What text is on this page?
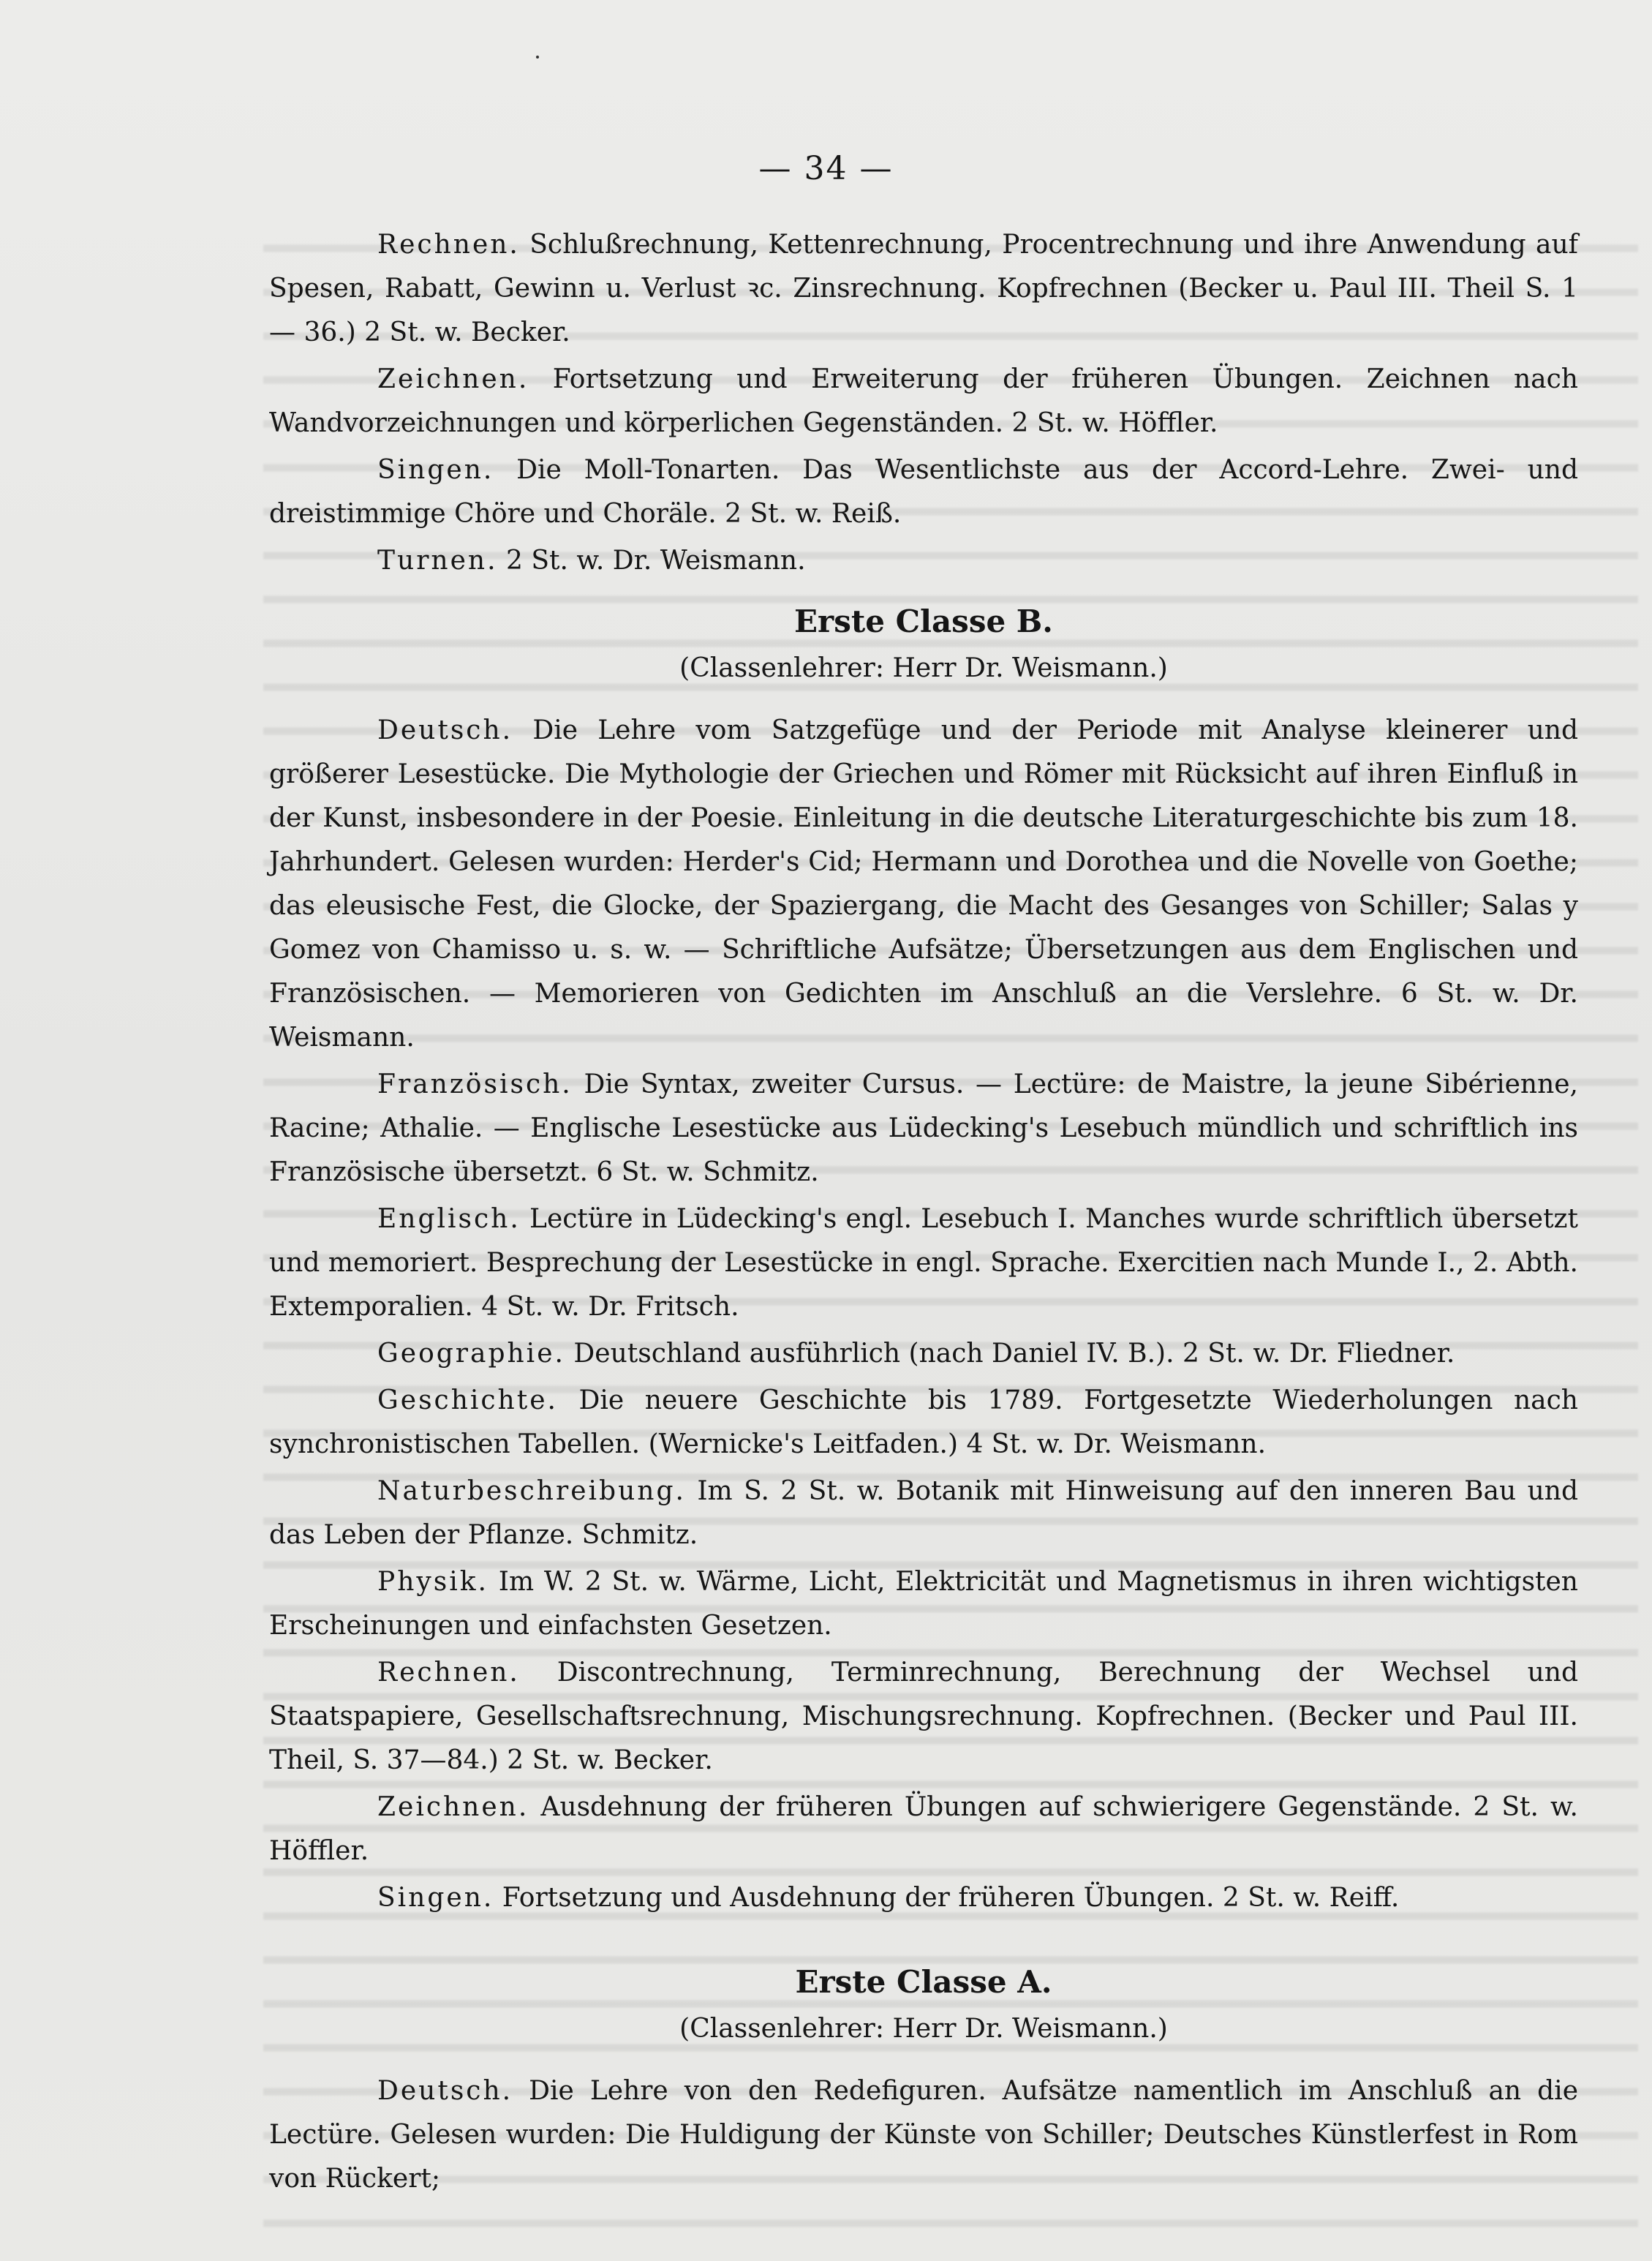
— 34 —

Rechnen. Schlußrechnung, Kettenrechnung, Procentrechnung und ihre Anwendung auf Spesen, Rabatt, Gewinn u. Verlust ꝛc. Zinsrechnung. Kopfrechnen (Becker u. Paul III. Theil S. 1 — 36.) 2 St. w. Becker.

Zeichnen. Fortsetzung und Erweiterung der früheren Übungen. Zeichnen nach Wandvorzeichnungen und körperlichen Gegenständen. 2 St. w. Höffler.

Singen. Die Moll-Tonarten. Das Wesentlichste aus der Accord-Lehre. Zwei- und dreistimmige Chöre und Choräle. 2 St. w. Reiß.

Turnen. 2 St. w. Dr. Weismann.

Erste Classe B.
(Classenlehrer: Herr Dr. Weismann.)

Deutsch. Die Lehre vom Satzgefüge und der Periode mit Analyse kleinerer und größerer Lesestücke. Die Mythologie der Griechen und Römer mit Rücksicht auf ihren Einfluß in der Kunst, insbesondere in der Poesie. Einleitung in die deutsche Literaturgeschichte bis zum 18. Jahrhundert. Gelesen wurden: Herder's Cid; Hermann und Dorothea und die Novelle von Goethe; das eleusische Fest, die Glocke, der Spaziergang, die Macht des Gesanges von Schiller; Salas y Gomez von Chamisso u. s. w. — Schriftliche Aufsätze; Übersetzungen aus dem Englischen und Französischen. — Memorieren von Gedichten im Anschluß an die Verslehre. 6 St. w. Dr. Weismann.

Französisch. Die Syntax, zweiter Cursus. — Lectüre: de Maistre, la jeune Sibérienne, Racine; Athalie. — Englische Lesestücke aus Lüdecking's Lesebuch mündlich und schriftlich ins Französische übersetzt. 6 St. w. Schmitz.

Englisch. Lectüre in Lüdecking's engl. Lesebuch I. Manches wurde schriftlich übersetzt und memoriert. Besprechung der Lesestücke in engl. Sprache. Exercitien nach Munde I., 2. Abth. Extemporalien. 4 St. w. Dr. Fritsch.

Geographie. Deutschland ausführlich (nach Daniel IV. B.). 2 St. w. Dr. Fliedner.

Geschichte. Die neuere Geschichte bis 1789. Fortgesetzte Wiederholungen nach synchronistischen Tabellen. (Wernicke's Leitfaden.) 4 St. w. Dr. Weismann.

Naturbeschreibung. Im S. 2 St. w. Botanik mit Hinweisung auf den inneren Bau und das Leben der Pflanze. Schmitz.

Physik. Im W. 2 St. w. Wärme, Licht, Elektricität und Magnetismus in ihren wichtigsten Erscheinungen und einfachsten Gesetzen.

Rechnen. Discontrechnung, Terminrechnung, Berechnung der Wechsel und Staatspapiere, Gesellschaftsrechnung, Mischungsrechnung. Kopfrechnen. (Becker und Paul III. Theil, S. 37—84.) 2 St. w. Becker.

Zeichnen. Ausdehnung der früheren Übungen auf schwierigere Gegenstände. 2 St. w. Höffler.

Singen. Fortsetzung und Ausdehnung der früheren Übungen. 2 St. w. Reiff.

Erste Classe A.
(Classenlehrer: Herr Dr. Weismann.)

Deutsch. Die Lehre von den Redefiguren. Aufsätze namentlich im Anschluß an die Lectüre. Gelesen wurden: Die Huldigung der Künste von Schiller; Deutsches Künstlerfest in Rom von Rückert;
